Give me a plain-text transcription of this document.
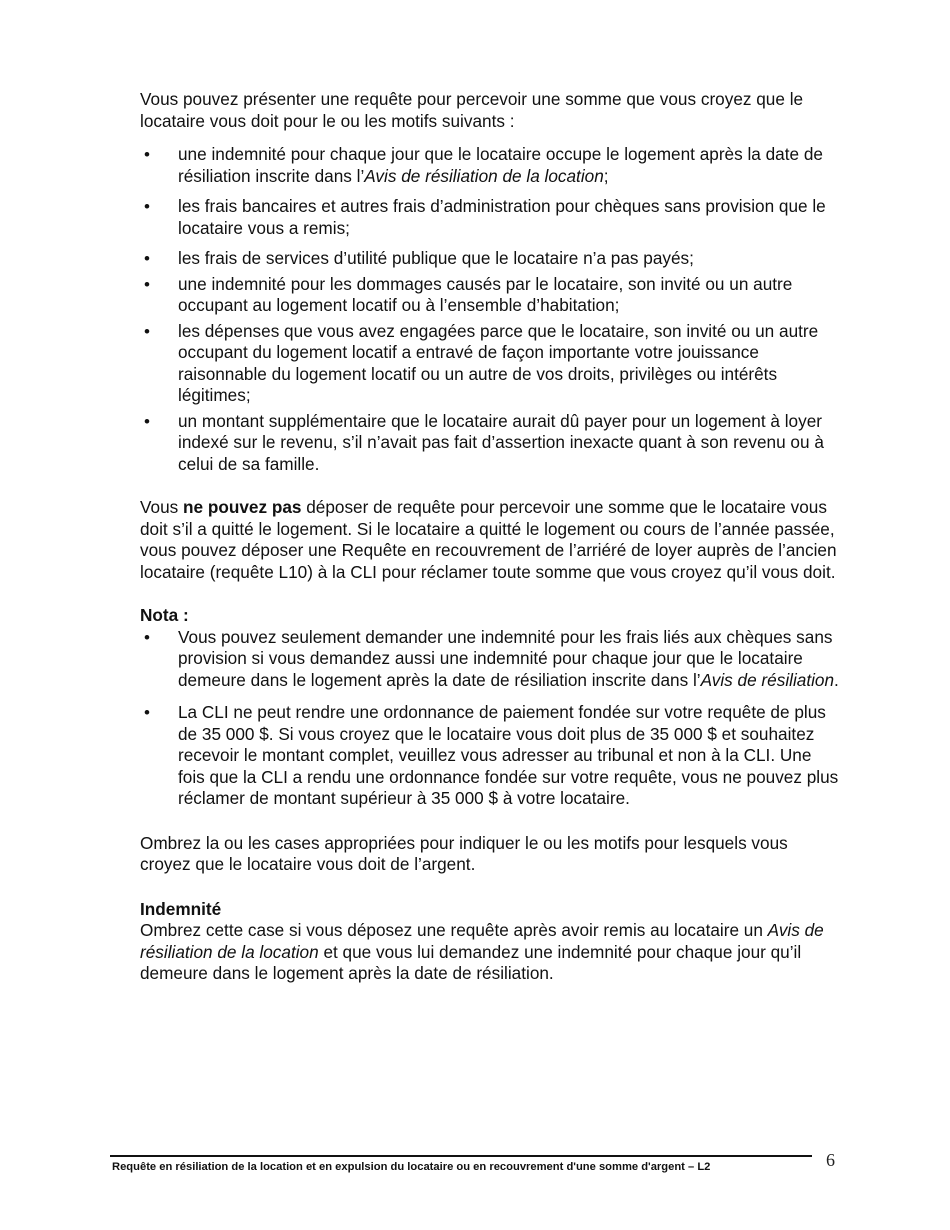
Vous pouvez présenter une requête pour percevoir une somme que vous croyez que le locataire vous doit pour le ou les motifs suivants :

• une indemnité pour chaque jour que le locataire occupe le logement après la date de résiliation inscrite dans l’Avis de résiliation de la location;
• les frais bancaires et autres frais d’administration pour chèques sans provision que le locataire vous a remis;
• les frais de services d’utilité publique que le locataire n’a pas payés;
• une indemnité pour les dommages causés par le locataire, son invité ou un autre occupant au logement locatif ou à l’ensemble d’habitation;
• les dépenses que vous avez engagées parce que le locataire, son invité ou un autre occupant du logement locatif a entravé de façon importante votre jouissance raisonnable du logement locatif ou un autre de vos droits, privilèges ou intérêts légitimes;
• un montant supplémentaire que le locataire aurait dû payer pour un logement à loyer indexé sur le revenu, s’il n’avait pas fait d’assertion inexacte quant à son revenu ou à celui de sa famille.

Vous ne pouvez pas déposer de requête pour percevoir une somme que le locataire vous doit s’il a quitté le logement. Si le locataire a quitté le logement ou cours de l’année passée, vous pouvez déposer une Requête en recouvrement de l’arriéré de loyer auprès de l’ancien locataire (requête L10) à la CLI pour réclamer toute somme que vous croyez qu’il vous doit.

Nota :

• Vous pouvez seulement demander une indemnité pour les frais liés aux chèques sans provision si vous demandez aussi une indemnité pour chaque jour que le locataire demeure dans le logement après la date de résiliation inscrite dans l’Avis de résiliation.
• La CLI ne peut rendre une ordonnance de paiement fondée sur votre requête de plus de 35 000 $. Si vous croyez que le locataire vous doit plus de 35 000 $ et souhaitez recevoir le montant complet, veuillez vous adresser au tribunal et non à la CLI. Une fois que la CLI a rendu une ordonnance fondée sur votre requête, vous ne pouvez plus réclamer de montant supérieur à 35 000 $ à votre locataire.

Ombrez la ou les cases appropriées pour indiquer le ou les motifs pour lesquels vous croyez que le locataire vous doit de l’argent.

Indemnité

Ombrez cette case si vous déposez une requête après avoir remis au locataire un Avis de résiliation de la location et que vous lui demandez une indemnité pour chaque jour qu’il demeure dans le logement après la date de résiliation.

Requête en résiliation de la location et en expulsion du locataire ou en recouvrement d'une somme d'argent – L2	6
